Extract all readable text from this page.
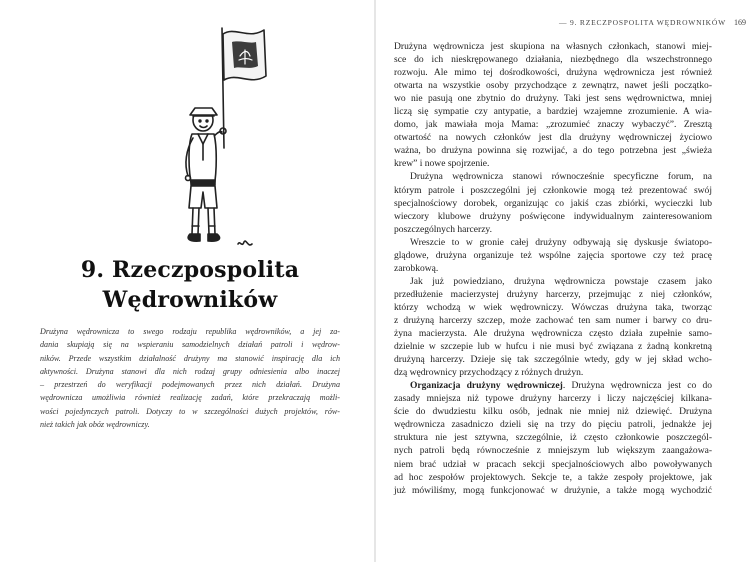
9. Rzeczpospolita
Wędrowników
Drużyna wędrownicza to swego rodzaju republika wędrowników, a jej za-
dania skupiają się na wspieraniu samodzielnych działań patroli i wędrow-
ników. Przede wszystkim działalność drużyny ma stanowić inspirację dla ich
aktywności. Drużyna stanowi dla nich rodzaj grupy odniesienia albo inaczej
– przestrzeń do weryfikacji podejmowanych przez nich działań. Drużyna
wędrownicza umożliwia również realizację zadań, które przekraczają możli-
wości pojedynczych patroli. Dotyczy to w szczególności dużych projektów, rów-
nież takich jak obóz wędrowniczy.
— 9. RZECZPOSPOLITA WĘDROWNIKÓW 169
Drużyna wędrownicza jest skupiona na własnych członkach, stanowi miej-
sce do ich nieskrępowanego działania, niezbędnego dla wszechstronnego
rozwoju. Ale mimo tej dośrodkowości, drużyna wędrownicza jest również
otwarta na wszystkie osoby przychodzące z zewnątrz, nawet jeśli początko-
wo nie pasują one zbytnio do drużyny. Taki jest sens wędrownictwa, mniej
liczą się sympatie czy antypatie, a bardziej wzajemne zrozumienie. A wia-
domo, jak mawiała moja Mama: „zrozumieć znaczy wybaczyć”. Zresztą
otwartość na nowych członków jest dla drużyny wędrowniczej życiowo
ważna, bo drużyna powinna się rozwijać, a do tego potrzebna jest „świeża
krew” i nowe spojrzenie.
Drużyna wędrownicza stanowi równocześnie specyficzne forum, na
którym patrole i poszczególni jej członkowie mogą też prezentować swój
specjalnościowy dorobek, organizując co jakiś czas zbiórki, wycieczki lub
wieczory klubowe drużyny poświęcone indywidualnym zainteresowaniom
poszczególnych harcerzy.
Wreszcie to w gronie całej drużyny odbywają się dyskusje światopo-
glądowe, drużyna organizuje też wspólne zajęcia sportowe czy też pracę
zarobkową.
Jak już powiedziano, drużyna wędrownicza powstaje czasem jako
przedłużenie macierzystej drużyny harcerzy, przejmując z niej członków,
którzy wchodzą w wiek wędrowniczy. Wówczas drużyna taka, tworząc
z drużyną harcerzy szczep, może zachować ten sam numer i barwy co dru-
żyna macierzysta. Ale drużyna wędrownicza często działa zupełnie samo-
dzielnie w szczepie lub w hufcu i nie musi być związana z żadną konkretną
drużyną harcerzy. Dzieje się tak szczególnie wtedy, gdy w jej skład wcho-
dzą wędrownicy przychodzący z różnych drużyn.
Organizacja drużyny wędrowniczej. Drużyna wędrownicza jest co do
zasady mniejsza niż typowe drużyny harcerzy i liczy najczęściej kilkana-
ście do dwudziestu kilku osób, jednak nie mniej niż dziewięć. Drużyna
wędrownicza zasadniczo dzieli się na trzy do pięciu patroli, jednakże jej
struktura nie jest sztywna, szczególnie, iż często członkowie poszczegól-
nych patroli będą równocześnie z mniejszym lub większym zaangażowa-
niem brać udział w pracach sekcji specjalnościowych albo powoływanych
ad hoc zespołów projektowych. Sekcje te, a także zespoły projektowe, jak
już mówiliśmy, mogą funkcjonować w drużynie, a także mogą wychodzić
